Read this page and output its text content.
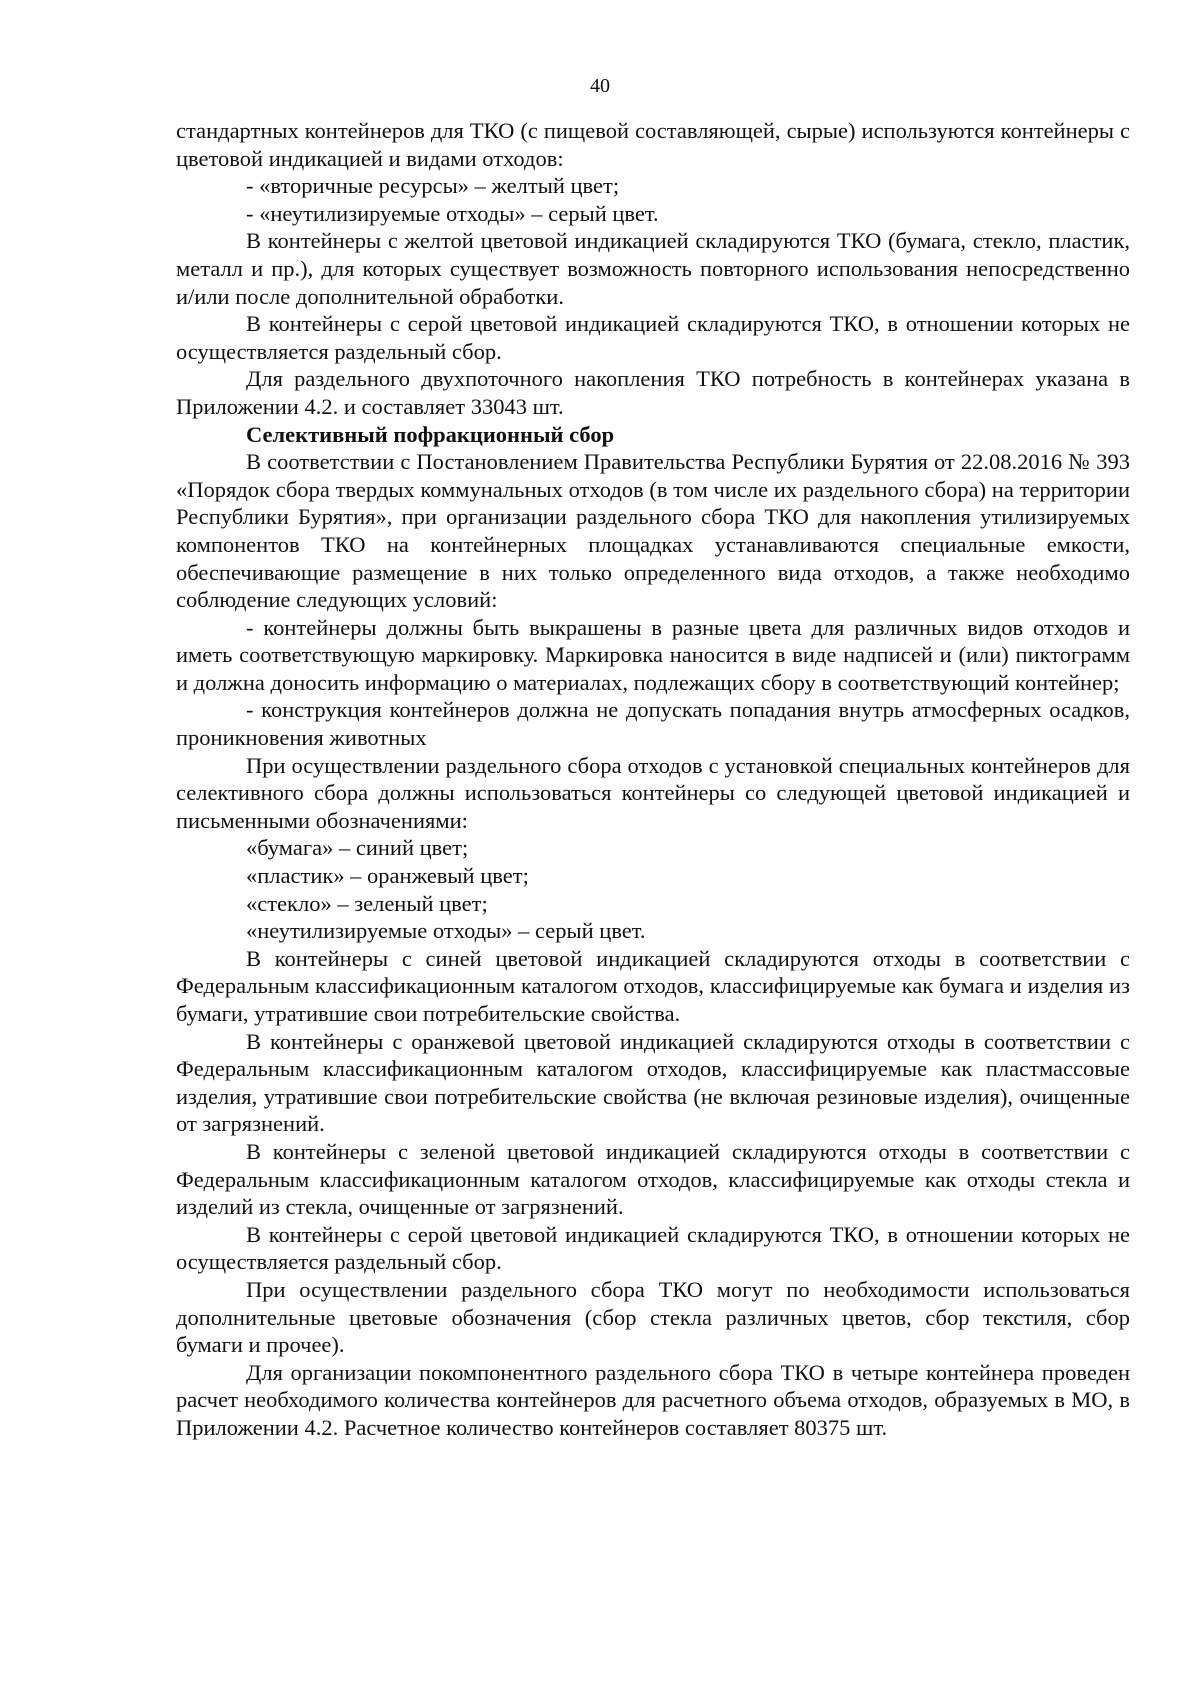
40

стандартных контейнеров для ТКО (с пищевой составляющей, сырые) используются контейнеры с цветовой индикацией и видами отходов:

- «вторичные ресурсы» – желтый цвет;

- «неутилизируемые отходы» – серый цвет.

В контейнеры с желтой цветовой индикацией складируются ТКО (бумага, стекло, пластик, металл и пр.), для которых существует возможность повторного использования непосредственно и/или после дополнительной обработки.

В контейнеры с серой цветовой индикацией складируются ТКО, в отношении которых не осуществляется раздельный сбор.

Для раздельного двухпоточного накопления ТКО потребность в контейнерах указана в Приложении 4.2. и составляет 33043 шт.

Селективный пофракционный сбор

В соответствии с Постановлением Правительства Республики Бурятия от 22.08.2016 № 393 «Порядок сбора твердых коммунальных отходов (в том числе их раздельного сбора) на территории Республики Бурятия», при организации раздельного сбора ТКО для накопления утилизируемых компонентов ТКО на контейнерных площадках устанавливаются специальные емкости, обеспечивающие размещение в них только определенного вида отходов, а также необходимо соблюдение следующих условий:

- контейнеры должны быть выкрашены в разные цвета для различных видов отходов и иметь соответствующую маркировку. Маркировка наносится в виде надписей и (или) пиктограмм и должна доносить информацию о материалах, подлежащих сбору в соответствующий контейнер;

- конструкция контейнеров должна не допускать попадания внутрь атмосферных осадков, проникновения животных

При осуществлении раздельного сбора отходов с установкой специальных контейнеров для селективного сбора должны использоваться контейнеры со следующей цветовой индикацией и письменными обозначениями:

«бумага» – синий цвет;

«пластик» – оранжевый цвет;

«стекло» – зеленый цвет;

«неутилизируемые отходы» – серый цвет.

В контейнеры с синей цветовой индикацией складируются отходы в соответствии с Федеральным классификационным каталогом отходов, классифицируемые как бумага и изделия из бумаги, утратившие свои потребительские свойства.

В контейнеры с оранжевой цветовой индикацией складируются отходы в соответствии с Федеральным классификационным каталогом отходов, классифицируемые как пластмассовые изделия, утратившие свои потребительские свойства (не включая резиновые изделия), очищенные от загрязнений.

В контейнеры с зеленой цветовой индикацией складируются отходы в соответствии с Федеральным классификационным каталогом отходов, классифицируемые как отходы стекла и изделий из стекла, очищенные от загрязнений.

В контейнеры с серой цветовой индикацией складируются ТКО, в отношении которых не осуществляется раздельный сбор.

При осуществлении раздельного сбора ТКО могут по необходимости использоваться дополнительные цветовые обозначения (сбор стекла различных цветов, сбор текстиля, сбор бумаги и прочее).

Для организации покомпонентного раздельного сбора ТКО в четыре контейнера проведен расчет необходимого количества контейнеров для расчетного объема отходов, образуемых в МО, в Приложении 4.2. Расчетное количество контейнеров составляет 80375 шт.
